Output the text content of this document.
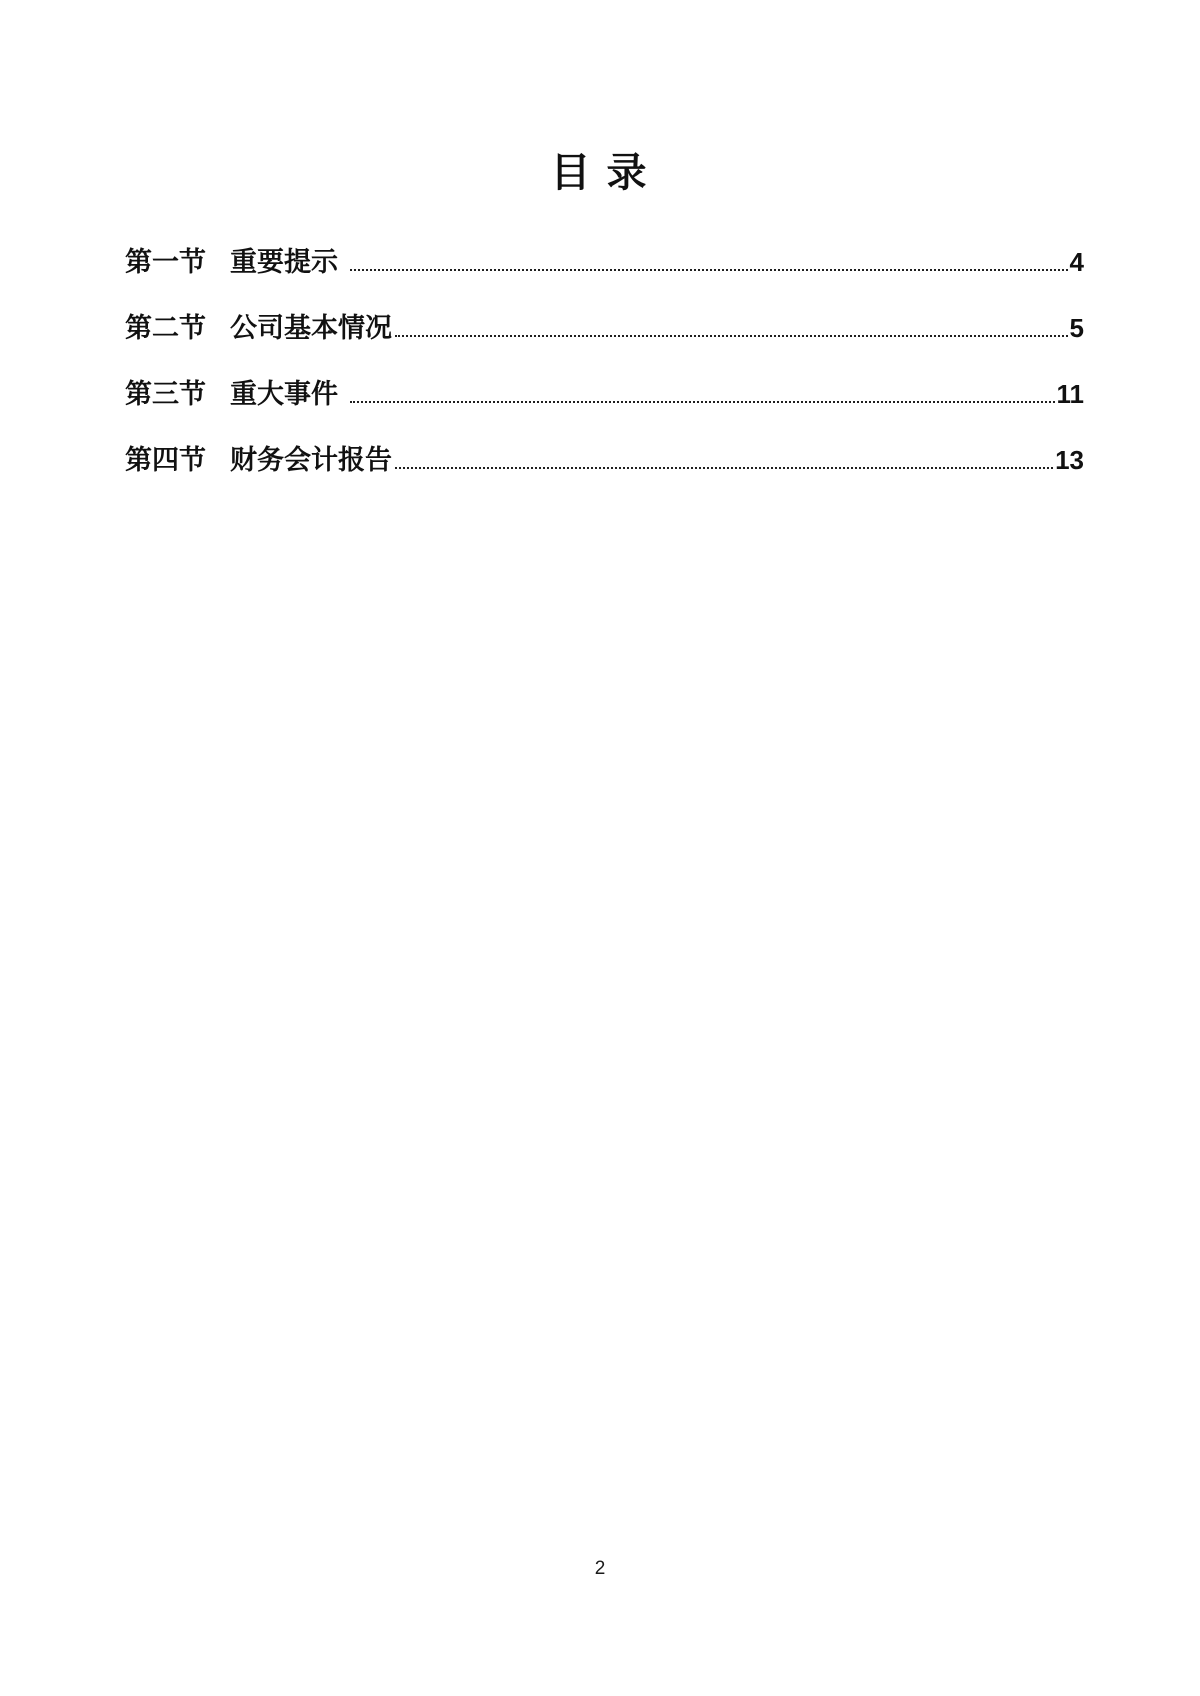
目 录
第一节 重要提示	4
第二节 公司基本情况	5
第三节 重大事件	11
第四节 财务会计报告	13
2
